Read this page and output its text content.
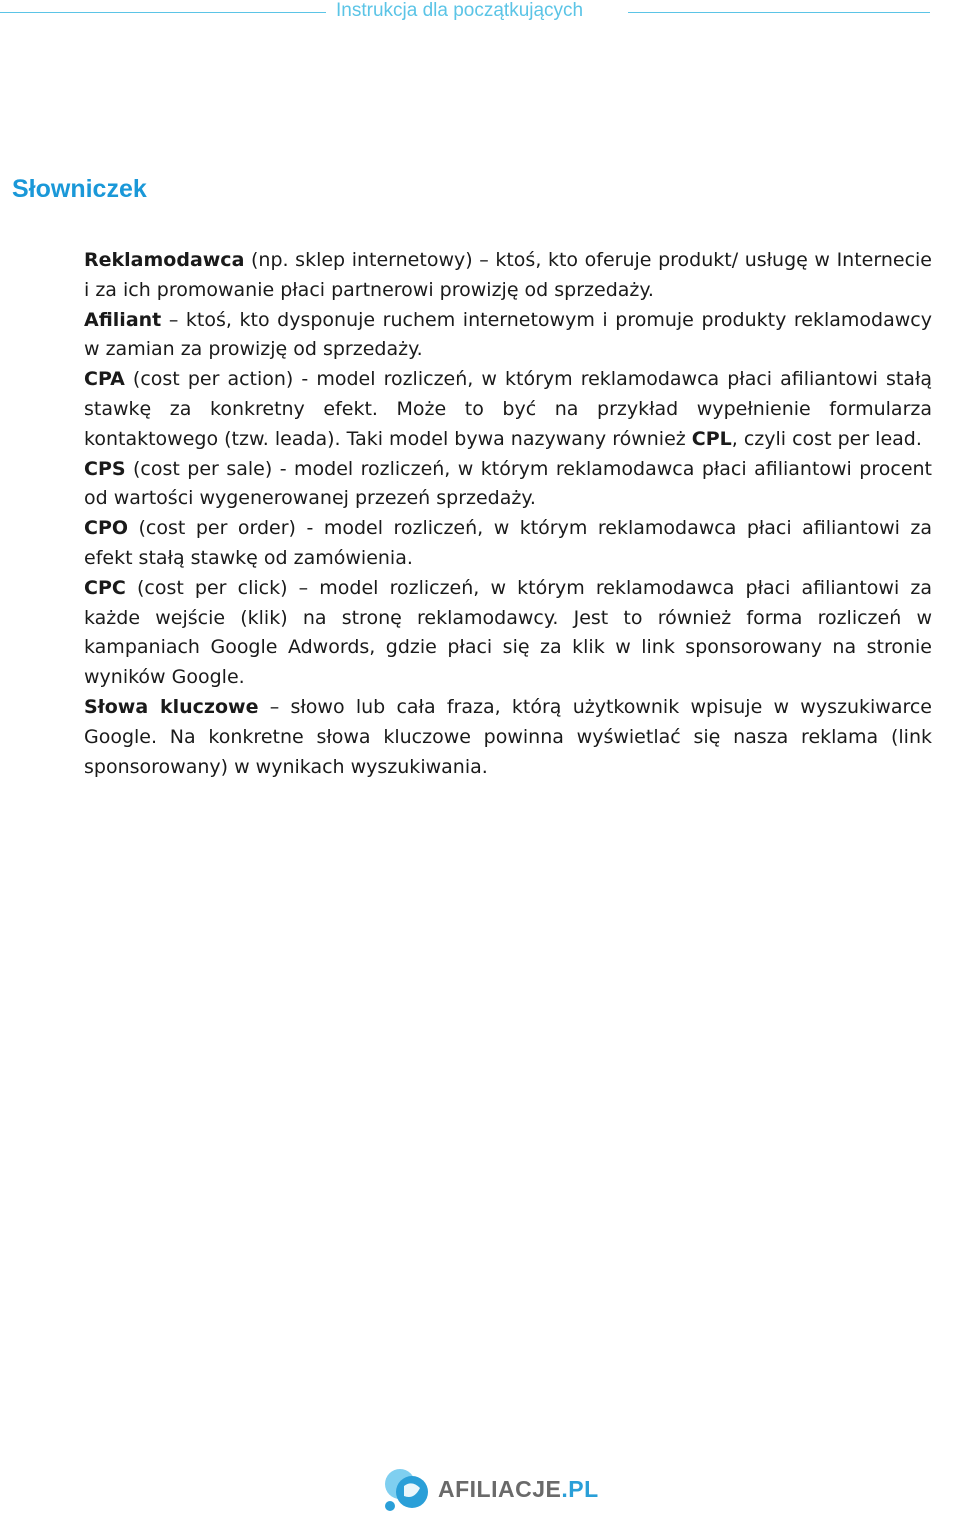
Instrukcja dla początkujących
Słowniczek

Reklamodawca (np. sklep internetowy) – ktoś, kto oferuje produkt/ usługę w Internecie i za ich promowanie płaci partnerowi prowizję od sprzedaży.

Afiliant – ktoś, kto dysponuje ruchem internetowym i promuje produkty reklamodawcy w zamian za prowizję od sprzedaży.

CPA (cost per action) - model rozliczeń, w którym reklamodawca płaci afiliantowi stałą stawkę za konkretny efekt. Może to być na przykład wypełnienie formularza kontaktowego (tzw. leada). Taki model bywa nazywany również CPL, czyli cost per lead.

CPS (cost per sale) - model rozliczeń, w którym reklamodawca płaci afiliantowi procent od wartości wygenerowanej przezeń sprzedaży.

CPO (cost per order) - model rozliczeń, w którym reklamodawca płaci afiliantowi za efekt stałą stawkę od zamówienia.

CPC (cost per click) – model rozliczeń, w którym reklamodawca płaci afiliantowi za każde wejście (klik) na stronę reklamodawcy. Jest to również forma rozliczeń w kampaniach Google Adwords, gdzie płaci się za klik w link sponsorowany na stronie wyników Google.

Słowa kluczowe – słowo lub cała fraza, którą użytkownik wpisuje w wyszukiwarce Google. Na konkretne słowa kluczowe powinna wyświetlać się nasza reklama (link sponsorowany) w wynikach wyszukiwania.

AFILIACJE.PL
